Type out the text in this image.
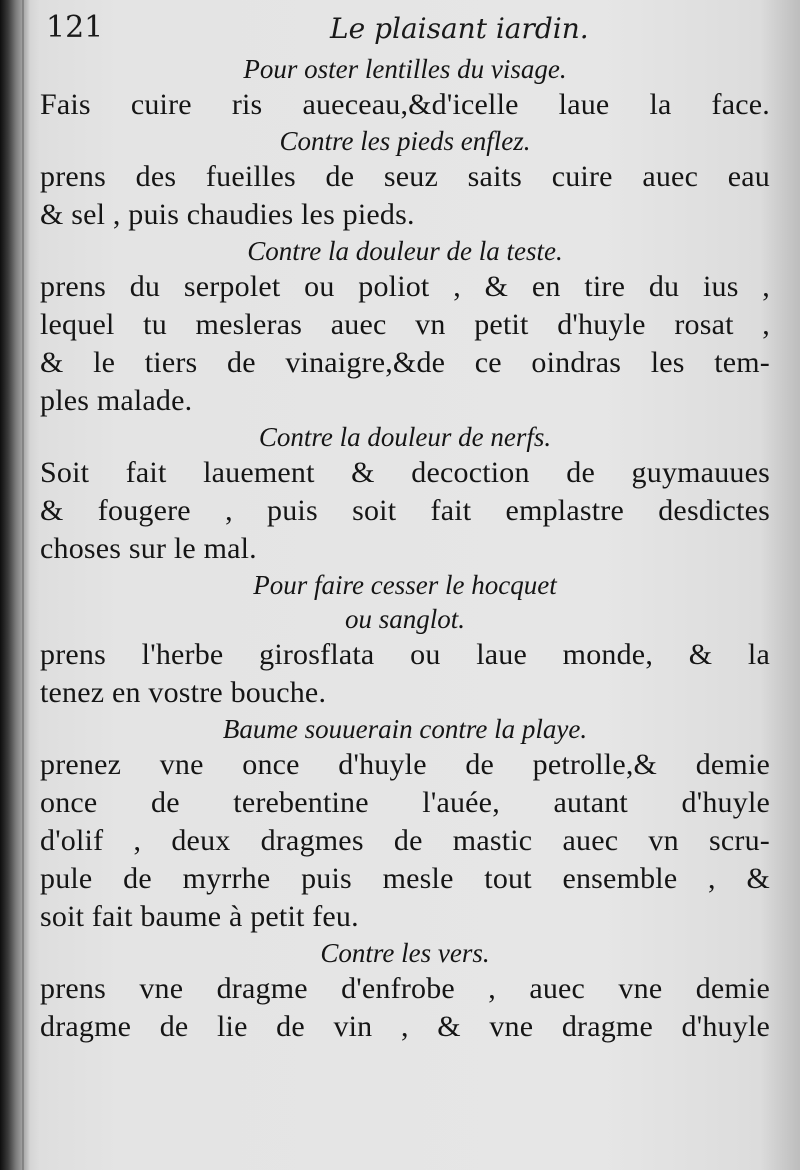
121	Le plaisant iardin.
Pour oster lentilles du visage.
Fais cuire ris aueceau,&d'icelle laue la face.
Contre les pieds enflez.
prens des fueilles de seuz saits cuire auec eau
& sel , puis chaudies les pieds.
Contre la douleur de la teste.
prens du serpolet ou poliot , & en tire du ius ,
lequel tu mesleras auec vn petit d'huyle rosat ,
& le tiers de vinaigre,&de ce oindras les tem-
ples malade.
Contre la douleur de nerfs.
Soit fait lauement & decoction de guymauues
& fougere , puis soit fait emplastre desdictes
choses sur le mal.
Pour faire cesser le hocquet
ou sanglot.
prens l'herbe girosflata ou laue monde, & la
tenez en vostre bouche.
Baume souuerain contre la playe.
prenez vne once d'huyle de petrolle,& demie
once de terebentine l'auée, autant d'huyle
d'olif , deux dragmes de mastic auec vn scru-
pule de myrrhe puis mesle tout ensemble , &
soit fait baume à petit feu.
Contre les vers.
prens vne dragme d'enfrobe , auec vne demie
dragme de lie de vin , & vne dragme d'huyle
